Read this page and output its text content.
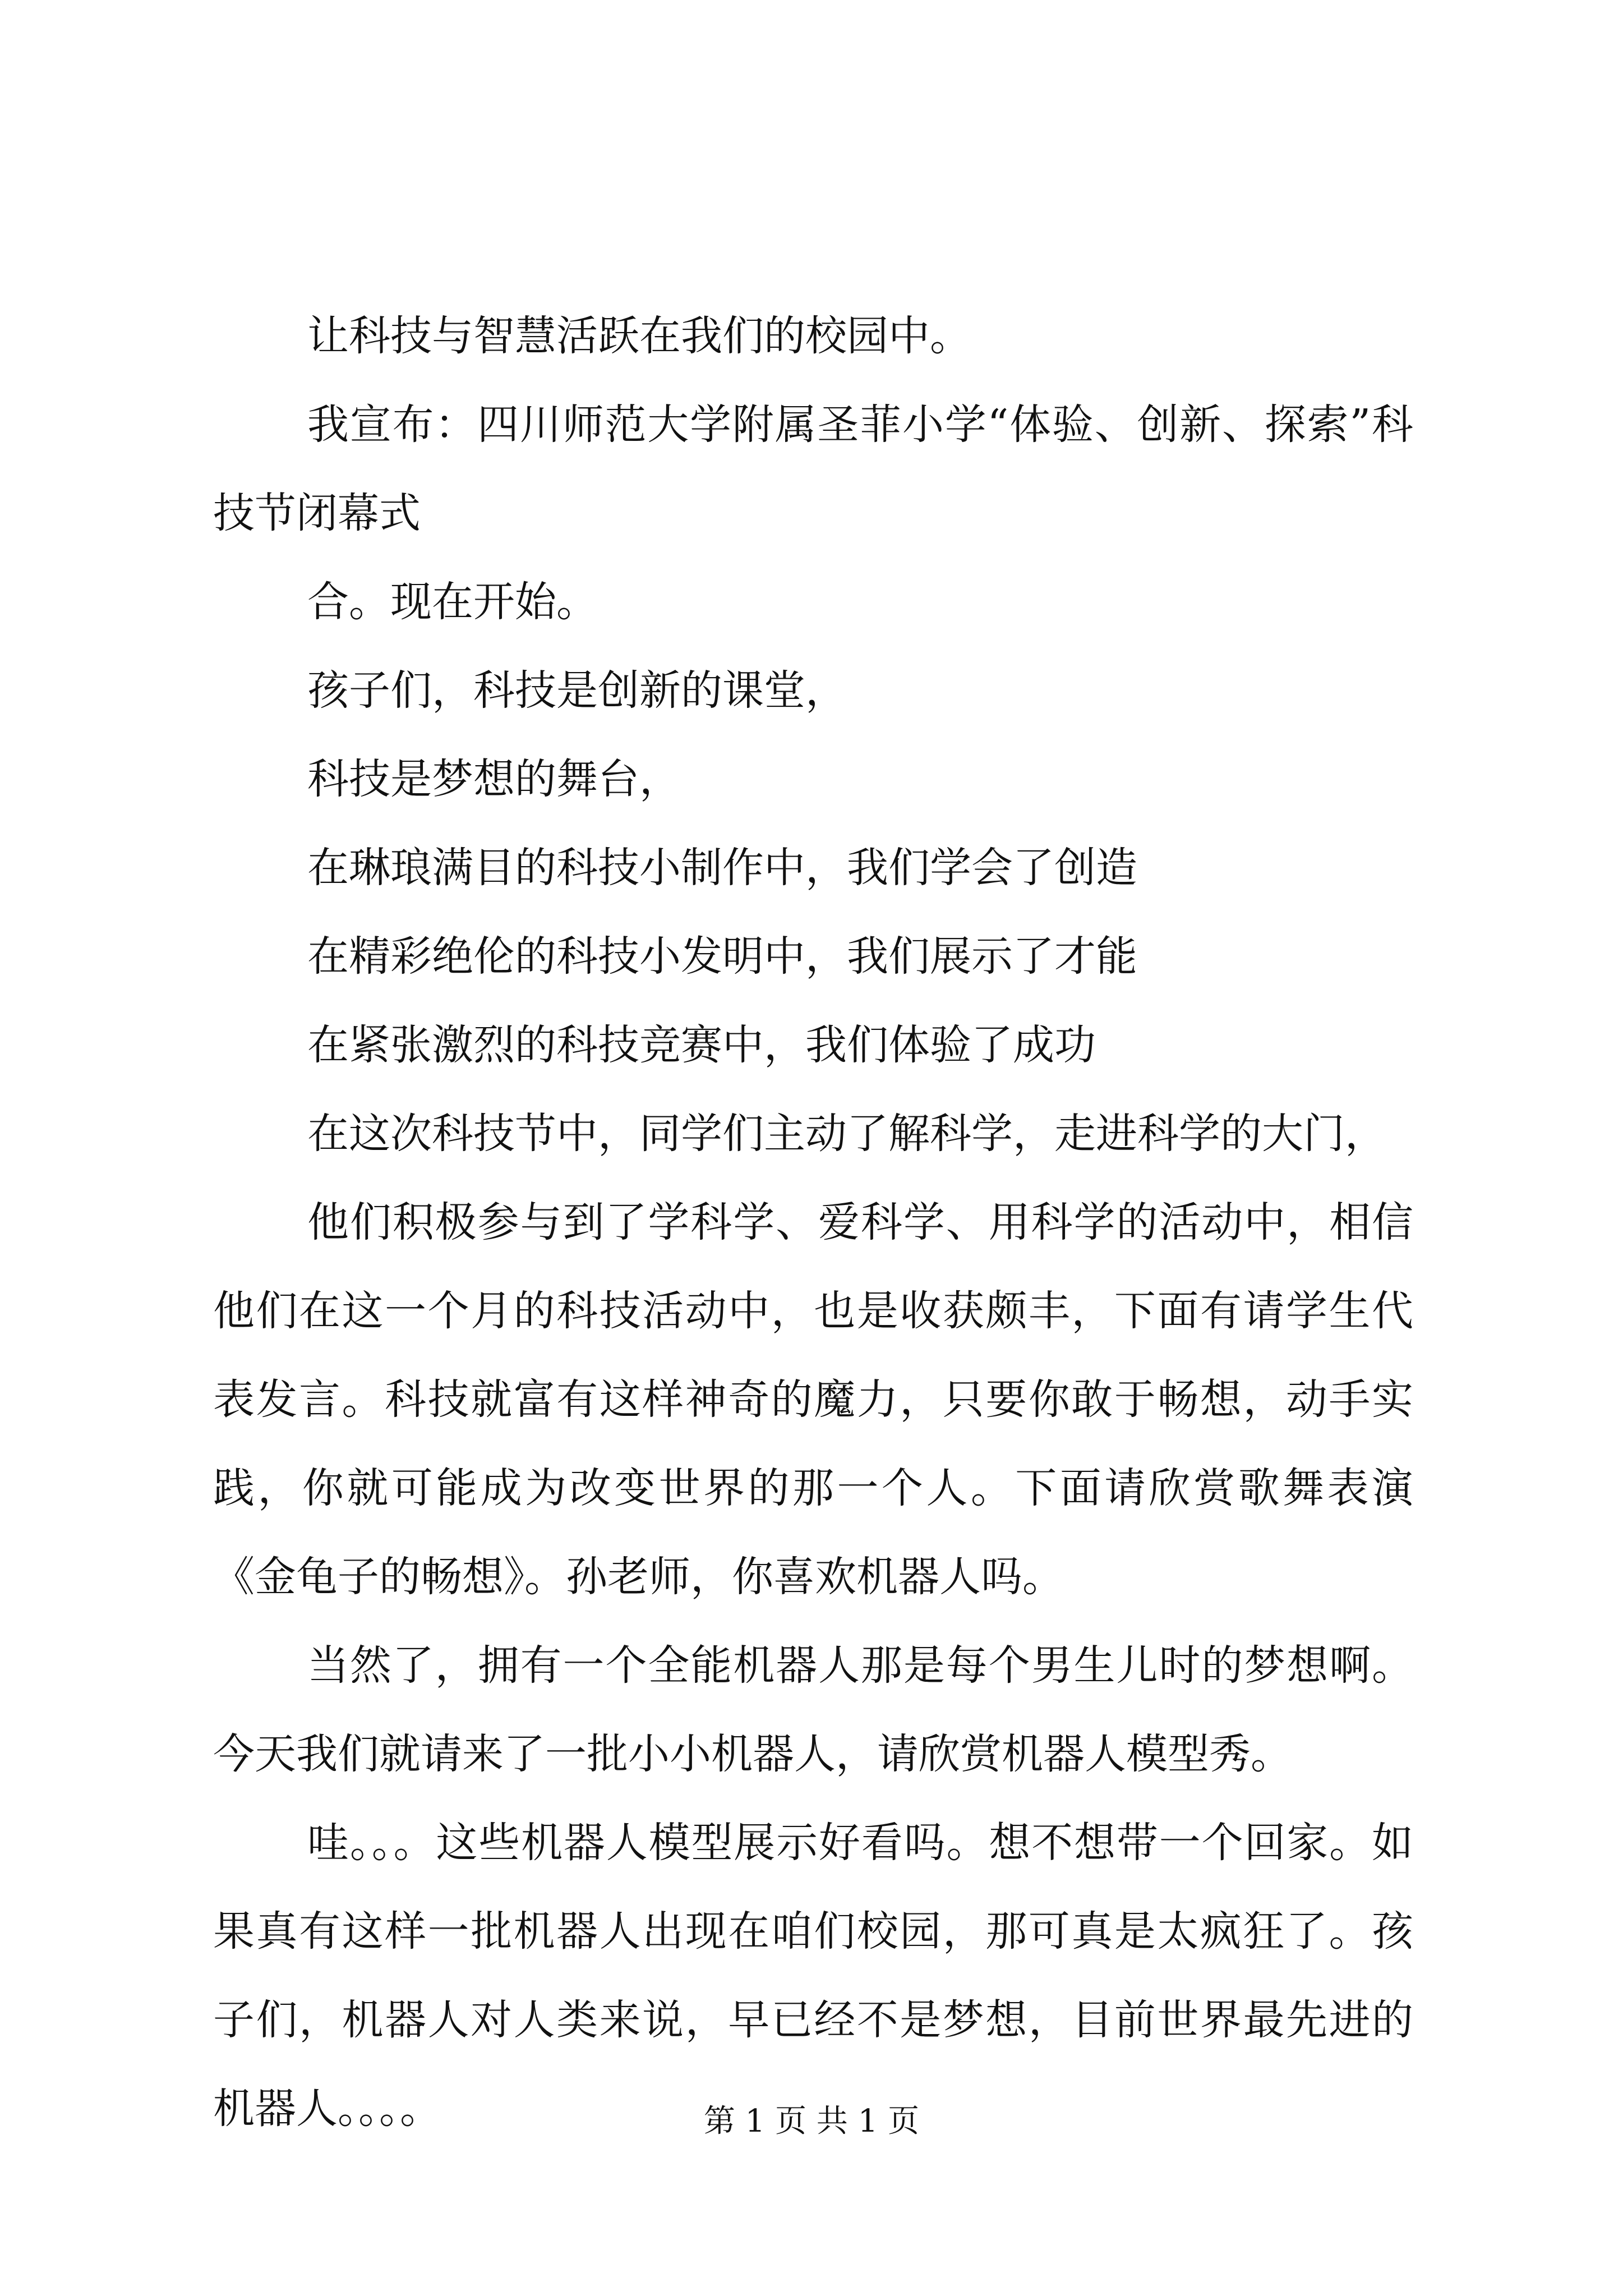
让科技与智慧活跃在我们的校园中。

我宣布：四川师范大学附属圣菲小学“体验、创新、探索”科技节闭幕式

合。现在开始。

孩子们，科技是创新的课堂，

科技是梦想的舞台，

在琳琅满目的科技小制作中，我们学会了创造

在精彩绝伦的科技小发明中，我们展示了才能

在紧张激烈的科技竞赛中，我们体验了成功

在这次科技节中，同学们主动了解科学，走进科学的大门，

他们积极参与到了学科学、爱科学、用科学的活动中，相信他们在这一个月的科技活动中，也是收获颇丰，下面有请学生代表发言。科技就富有这样神奇的魔力，只要你敢于畅想，动手实践，你就可能成为改变世界的那一个人。下面请欣赏歌舞表演《金龟子的畅想》。孙老师，你喜欢机器人吗。

当然了，拥有一个全能机器人那是每个男生儿时的梦想啊。今天我们就请来了一批小小机器人，请欣赏机器人模型秀。

哇。。。这些机器人模型展示好看吗。想不想带一个回家。如果真有这样一批机器人出现在咱们校园，那可真是太疯狂了。孩子们，机器人对人类来说，早已经不是梦想，目前世界最先进的机器人。。。。	第 1 页 共 1 页
